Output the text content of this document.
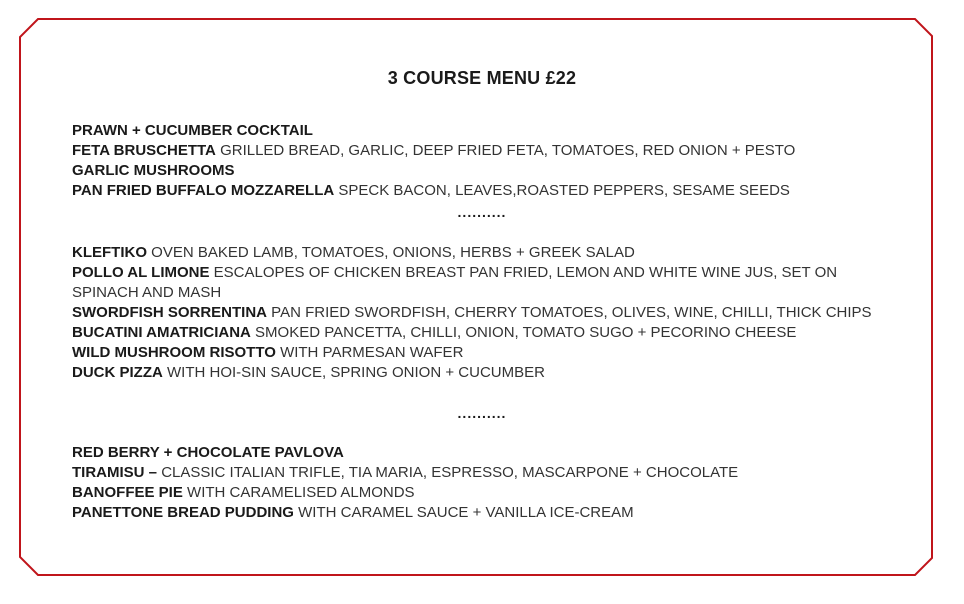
3 COURSE MENU £22

PRAWN + CUCUMBER COCKTAIL

FETA BRUSCHETTA GRILLED BREAD, GARLIC, DEEP FRIED FETA, TOMATOES, RED ONION + PESTO

GARLIC MUSHROOMS

PAN FRIED BUFFALO MOZZARELLA SPECK BACON, LEAVES,ROASTED PEPPERS, SESAME SEEDS

..........

KLEFTIKO OVEN BAKED LAMB, TOMATOES, ONIONS, HERBS + GREEK SALAD

POLLO AL LIMONE ESCALOPES OF CHICKEN BREAST PAN FRIED, LEMON AND WHITE WINE JUS, SET ON SPINACH AND MASH

SWORDFISH SORRENTINA PAN FRIED SWORDFISH, CHERRY TOMATOES, OLIVES, WINE, CHILLI, THICK CHIPS

BUCATINI AMATRICIANA SMOKED PANCETTA, CHILLI, ONION, TOMATO SUGO + PECORINO CHEESE

WILD MUSHROOM RISOTTO WITH PARMESAN WAFER

DUCK PIZZA WITH HOI-SIN SAUCE, SPRING ONION + CUCUMBER

..........

RED BERRY + CHOCOLATE PAVLOVA

TIRAMISU – CLASSIC ITALIAN TRIFLE, TIA MARIA, ESPRESSO, MASCARPONE + CHOCOLATE

BANOFFEE PIE WITH CARAMELISED ALMONDS

PANETTONE BREAD PUDDING WITH CARAMEL SAUCE + VANILLA ICE-CREAM
